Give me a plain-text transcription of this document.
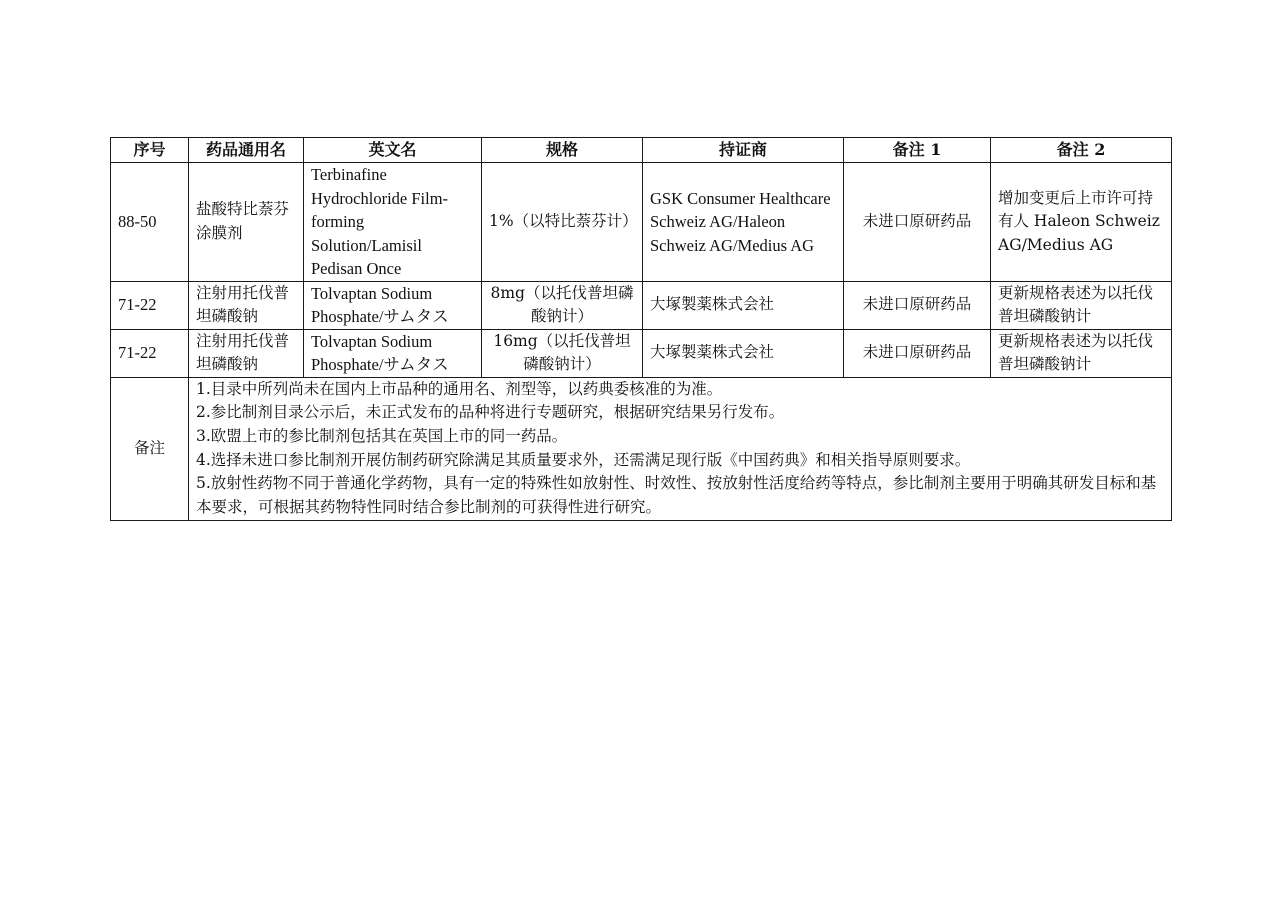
序号	药品通用名	英文名	规格	持证商	备注 1	备注 2
88-50	盐酸特比萘芬涂膜剂	Terbinafine Hydrochloride Film-forming Solution/Lamisil Pedisan Once	1%（以特比萘芬计）	GSK Consumer Healthcare Schweiz AG/Haleon Schweiz AG/Medius AG	未进口原研药品	增加变更后上市许可持有人 Haleon Schweiz AG/Medius AG
71-22	注射用托伐普坦磷酸钠	Tolvaptan Sodium Phosphate/サムタス	8mg（以托伐普坦磷酸钠计）	大塚製薬株式会社	未进口原研药品	更新规格表述为以托伐普坦磷酸钠计
71-22	注射用托伐普坦磷酸钠	Tolvaptan Sodium Phosphate/サムタス	16mg（以托伐普坦磷酸钠计）	大塚製薬株式会社	未进口原研药品	更新规格表述为以托伐普坦磷酸钠计
备注	1.目录中所列尚未在国内上市品种的通用名、剂型等，以药典委核准的为准。
2.参比制剂目录公示后，未正式发布的品种将进行专题研究，根据研究结果另行发布。
3.欧盟上市的参比制剂包括其在英国上市的同一药品。
4.选择未进口参比制剂开展仿制药研究除满足其质量要求外，还需满足现行版《中国药典》和相关指导原则要求。
5.放射性药物不同于普通化学药物，具有一定的特殊性如放射性、时效性、按放射性活度给药等特点，参比制剂主要用于明确其研发目标和基本要求，可根据其药物特性同时结合参比制剂的可获得性进行研究。					
